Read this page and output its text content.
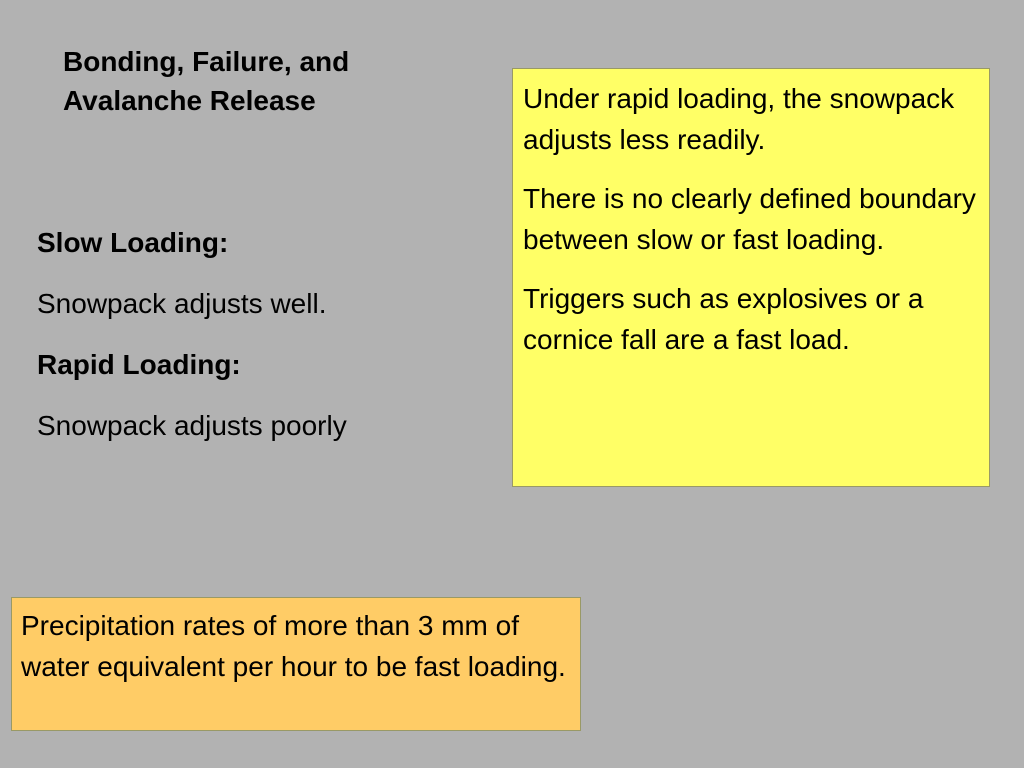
Bonding, Failure, and
Avalanche Release

Slow Loading:

Snowpack adjusts well.

Rapid Loading:

Snowpack adjusts poorly

Under rapid loading, the snowpack adjusts less readily.

There is no clearly defined boundary between slow or fast loading.

Triggers such as explosives or a cornice fall are a fast load.

Precipitation rates of more than 3 mm of water equivalent per hour to be fast loading.
